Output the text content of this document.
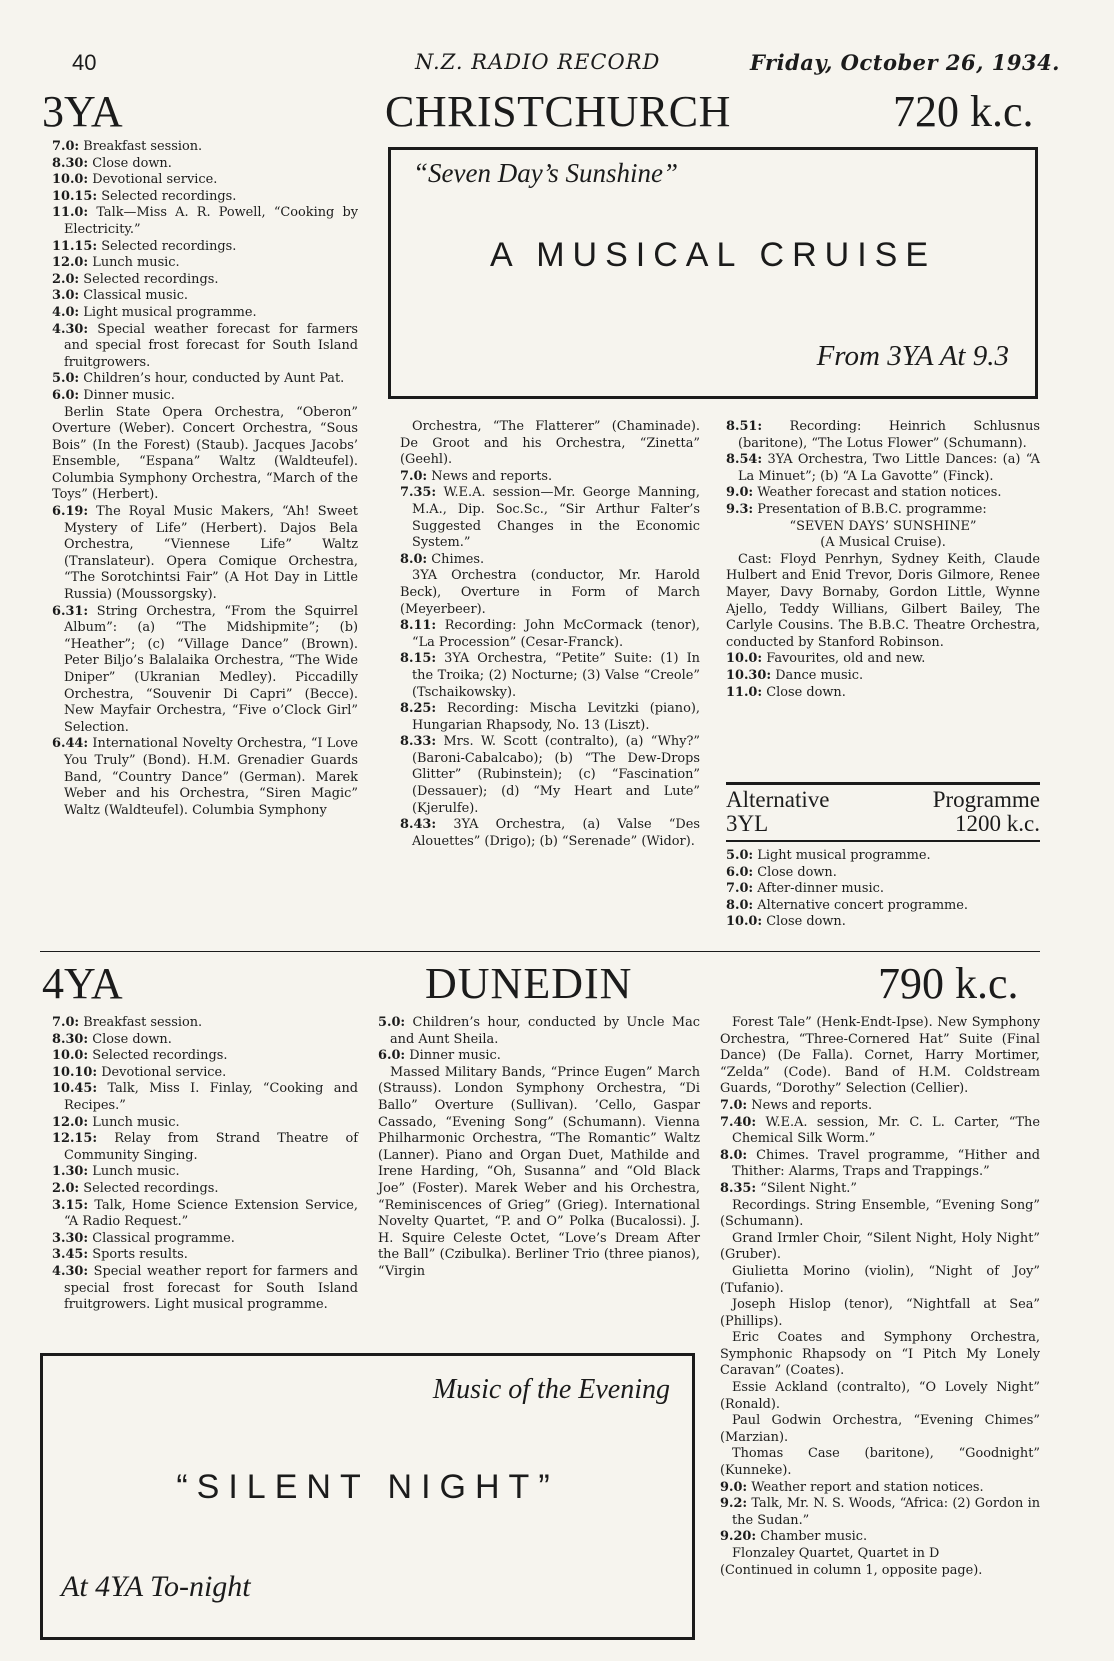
40	N.Z. RADIO RECORD	Friday, October 26, 1934.
3YA	CHRISTCHURCH	720 k.c.
“Seven Day’s Sunshine”
A MUSICAL CRUISE
From 3YA At 9.3

7.0: Breakfast session.

8.30: Close down.

10.0: Devotional service.

10.15: Selected recordings.

11.0: Talk—Miss A. R. Powell, “Cooking by Electricity.”

11.15: Selected recordings.

12.0: Lunch music.

2.0: Selected recordings.

3.0: Classical music.

4.0: Light musical programme.

4.30: Special weather forecast for farmers and special frost forecast for South Island fruitgrowers.

5.0: Children’s hour, conducted by Aunt Pat.

6.0: Dinner music.

Berlin State Opera Orchestra, “Oberon” Overture (Weber). Concert Orchestra, “Sous Bois” (In the Forest) (Staub). Jacques Jacobs’ Ensemble, “Espana” Waltz (Waldteufel). Columbia Symphony Orchestra, “March of the Toys” (Herbert).

6.19: The Royal Music Makers, “Ah! Sweet Mystery of Life” (Herbert). Dajos Bela Orchestra, “Viennese Life” Waltz (Translateur). Opera Comique Orchestra, “The Sorotchintsi Fair” (A Hot Day in Little Russia) (Moussorgsky).

6.31: String Orchestra, “From the Squirrel Album”: (a) “The Midshipmite”; (b) “Heather”; (c) “Village Dance” (Brown). Peter Biljo’s Balalaika Orchestra, “The Wide Dniper” (Ukranian Medley). Piccadilly Orchestra, “Souvenir Di Capri” (Becce). New Mayfair Orchestra, “Five o’Clock Girl” Selection.

6.44: International Novelty Orchestra, “I Love You Truly” (Bond). H.M. Grenadier Guards Band, “Country Dance” (German). Marek Weber and his Orchestra, “Siren Magic” Waltz (Waldteufel). Columbia Symphony

Orchestra, “The Flatterer” (Chaminade). De Groot and his Orchestra, “Zinetta” (Geehl).

7.0: News and reports.

7.35: W.E.A. session—Mr. George Manning, M.A., Dip. Soc.Sc., “Sir Arthur Falter’s Suggested Changes in the Economic System.”

8.0: Chimes.

3YA Orchestra (conductor, Mr. Harold Beck), Overture in Form of March (Meyerbeer).

8.11: Recording: John McCormack (tenor), “La Procession” (Cesar-Franck).

8.15: 3YA Orchestra, “Petite” Suite: (1) In the Troika; (2) Nocturne; (3) Valse “Creole” (Tschaikowsky).

8.25: Recording: Mischa Levitzki (piano), Hungarian Rhapsody, No. 13 (Liszt).

8.33: Mrs. W. Scott (contralto), (a) “Why?” (Baroni-Cabalcabo); (b) “The Dew-Drops Glitter” (Rubinstein); (c) “Fascination” (Dessauer); (d) “My Heart and Lute” (Kjerulfe).

8.43: 3YA Orchestra, (a) Valse “Des Alouettes” (Drigo); (b) “Serenade” (Widor).

8.51: Recording: Heinrich Schlusnus (baritone), “The Lotus Flower” (Schumann).

8.54: 3YA Orchestra, Two Little Dances: (a) “A La Minuet”; (b) “A La Gavotte” (Finck).

9.0: Weather forecast and station notices.

9.3: Presentation of B.B.C. programme:

“SEVEN DAYS’ SUNSHINE”

(A Musical Cruise).

Cast: Floyd Penrhyn, Sydney Keith, Claude Hulbert and Enid Trevor, Doris Gilmore, Renee Mayer, Davy Bornaby, Gordon Little, Wynne Ajello, Teddy Willians, Gilbert Bailey, The Carlyle Cousins. The B.B.C. Theatre Orchestra, conducted by Stanford Robinson.

10.0: Favourites, old and new.

10.30: Dance music.

11.0: Close down.

Alternative	Programme

3YL	1200 k.c.

5.0: Light musical programme.

6.0: Close down.

7.0: After-dinner music.

8.0: Alternative concert programme.

10.0: Close down.

4YA	DUNEDIN	790 k.c.

7.0: Breakfast session.

8.30: Close down.

10.0: Selected recordings.

10.10: Devotional service.

10.45: Talk, Miss I. Finlay, “Cooking and Recipes.”

12.0: Lunch music.

12.15: Relay from Strand Theatre of Community Singing.

1.30: Lunch music.

2.0: Selected recordings.

3.15: Talk, Home Science Extension Service, “A Radio Request.”

3.30: Classical programme.

3.45: Sports results.

4.30: Special weather report for farmers and special frost forecast for South Island fruitgrowers. Light musical programme.

5.0: Children’s hour, conducted by Uncle Mac and Aunt Sheila.

6.0: Dinner music.

Massed Military Bands, “Prince Eugen” March (Strauss). London Symphony Orchestra, “Di Ballo” Overture (Sullivan). ’Cello, Gaspar Cassado, “Evening Song” (Schumann). Vienna Philharmonic Orchestra, “The Romantic” Waltz (Lanner). Piano and Organ Duet, Mathilde and Irene Harding, “Oh, Susanna” and “Old Black Joe” (Foster). Marek Weber and his Orchestra, “Reminiscences of Grieg” (Grieg). International Novelty Quartet, “P. and O” Polka (Bucalossi). J. H. Squire Celeste Octet, “Love’s Dream After the Ball” (Czibulka). Berliner Trio (three pianos), “Virgin

Forest Tale” (Henk-Endt-Ipse). New Symphony Orchestra, “Three-Cornered Hat” Suite (Final Dance) (De Falla). Cornet, Harry Mortimer, “Zelda” (Code). Band of H.M. Coldstream Guards, “Dorothy” Selection (Cellier).

7.0: News and reports.

7.40: W.E.A. session, Mr. C. L. Carter, “The Chemical Silk Worm.”

8.0: Chimes. Travel programme, “Hither and Thither: Alarms, Traps and Trappings.”

8.35: “Silent Night.”

Recordings. String Ensemble, “Evening Song” (Schumann).

Grand Irmler Choir, “Silent Night, Holy Night” (Gruber).

Giulietta Morino (violin), “Night of Joy” (Tufanio).

Joseph Hislop (tenor), “Nightfall at Sea” (Phillips).

Eric Coates and Symphony Orchestra, Symphonic Rhapsody on “I Pitch My Lonely Caravan” (Coates).

Essie Ackland (contralto), “O Lovely Night” (Ronald).

Paul Godwin Orchestra, “Evening Chimes” (Marzian).

Thomas Case (baritone), “Goodnight” (Kunneke).

9.0: Weather report and station notices.

9.2: Talk, Mr. N. S. Woods, “Africa: (2) Gordon in the Sudan.”

9.20: Chamber music.

Flonzaley Quartet, Quartet in D

(Continued in column 1, opposite page).

Music of the Evening
“SILENT NIGHT”
At 4YA To-night
